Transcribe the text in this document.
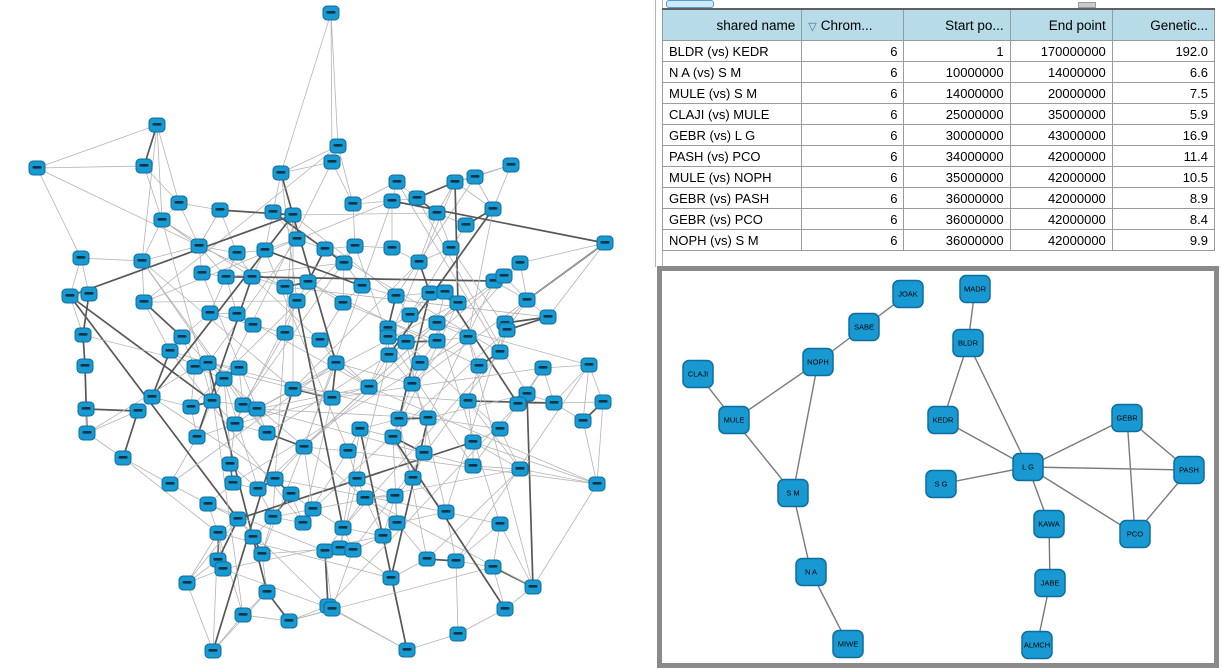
shared name	▽ Chrom...	Start po...	End point	Genetic...
BLDR (vs) KEDR	6	1	170000000	192.0
N A (vs) S M	6	10000000	14000000	6.6
MULE (vs) S M	6	14000000	20000000	7.5
CLAJI (vs) MULE	6	25000000	35000000	5.9
GEBR (vs) L G	6	30000000	43000000	16.9
PASH (vs) PCO	6	34000000	42000000	11.4
MULE (vs) NOPH	6	35000000	42000000	10.5
GEBR (vs) PASH	6	36000000	42000000	8.9
GEBR (vs) PCO	6	36000000	42000000	8.4
NOPH (vs) S M	6	36000000	42000000	9.9
JOAK
SABE
MADR
BLDR
NOPH
CLAJI
MULE	KEDR	GEBR
L G	PASH
S G
S M
KAWA
PCO
N A
JABE
MIWE	ALMCH
